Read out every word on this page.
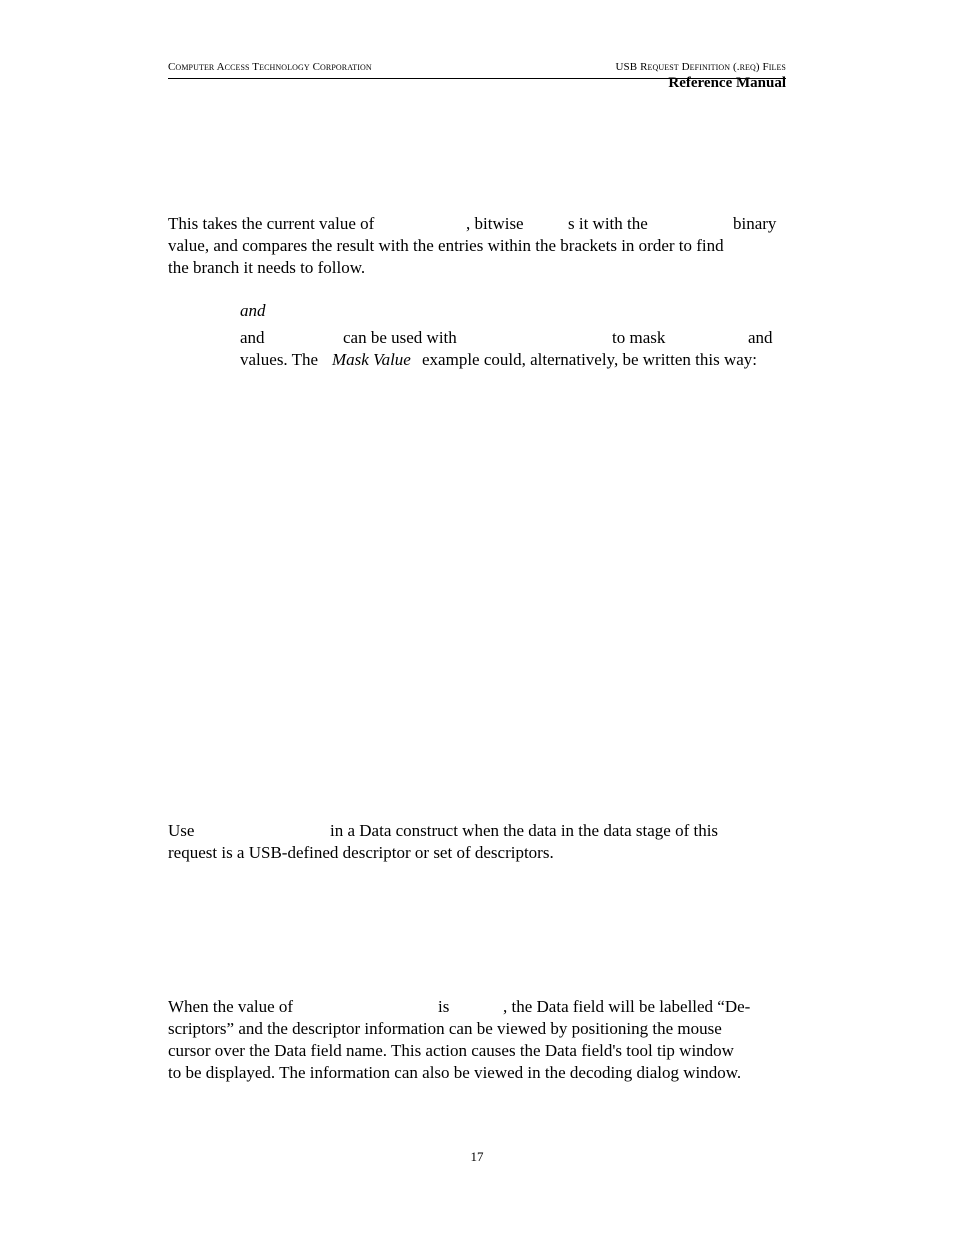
Computer Access Technology Corporation	USB Request Definition (.req) Files
Reference Manual
This takes the current value of	, bitwise	s it with the	binary
value, and compares the result with the entries within the brackets in order to find
the branch it needs to follow.
and
and	can be used with	to mask	and
values. The Mask Value example could, alternatively, be written this way:
Use	in a Data construct when the data in the data stage of this
request is a USB-defined descriptor or set of descriptors.
When the value of	is	, the Data field will be labelled “De-
scriptors” and the descriptor information can be viewed by positioning the mouse
cursor over the Data field name. This action causes the Data field's tool tip window
to be displayed. The information can also be viewed in the decoding dialog window.
17
